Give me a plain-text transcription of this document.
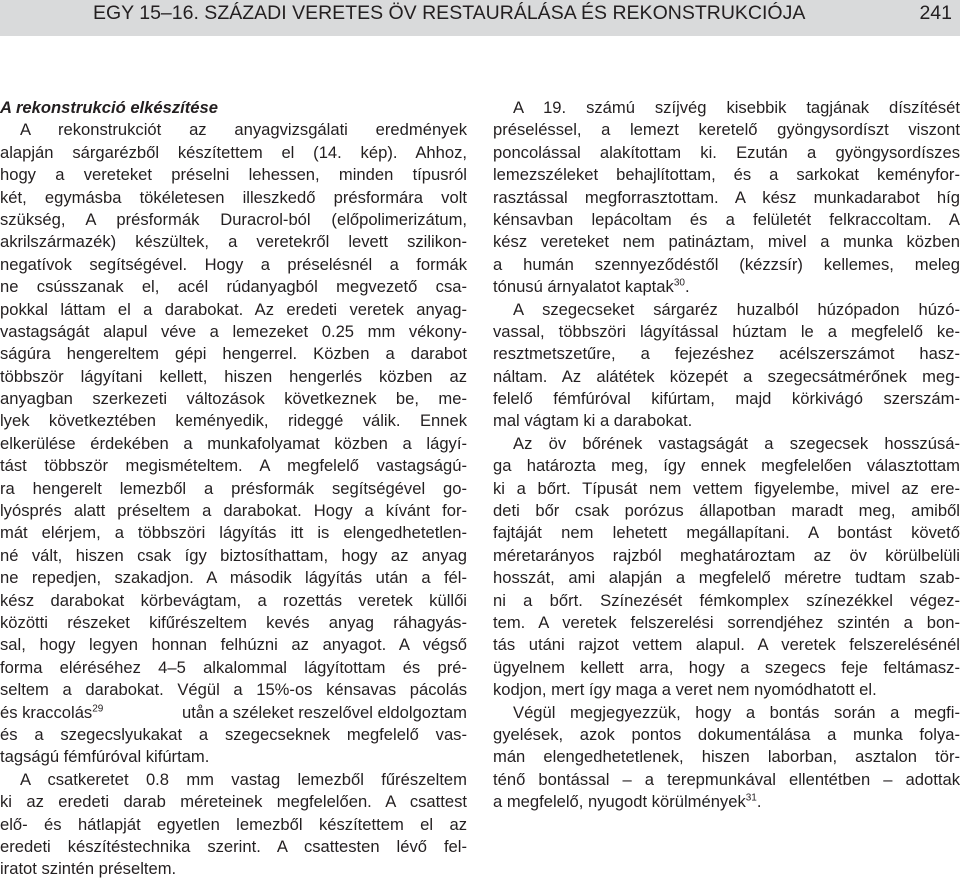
EGY 15–16. SZÁZADI VERETES ÖV RESTAURÁLÁSA ÉS REKONSTRUKCIÓJA	241
A rekonstrukció elkészítése
A rekonstrukciót az anyagvizsgálati eredmények
alapján sárgarézből készítettem el (14. kép). Ahhoz,
hogy a vereteket préselni lehessen, minden típusról
két, egymásba tökéletesen illeszkedő présformára volt
szükség, A présformák Duracrol-ból (előpolimerizátum,
akrilszármazék) készültek, a veretekről levett szilikon-
negatívok segítségével. Hogy a préselésnél a formák
ne csússzanak el, acél rúdanyagból megvezető csa-
pokkal láttam el a darabokat. Az eredeti veretek anyag-
vastagságát alapul véve a lemezeket 0.25 mm vékony-
ságúra hengereltem gépi hengerrel. Közben a darabot
többször lágyítani kellett, hiszen hengerlés közben az
anyagban szerkezeti változások következnek be, me-
lyek következtében keményedik, rideggé válik. Ennek
elkerülése érdekében a munkafolyamat közben a lágyí-
tást többször megismételtem. A megfelelő vastagságú-
ra hengerelt lemezből a présformák segítségével go-
lyósprés alatt préseltem a darabokat. Hogy a kívánt for-
mát elérjem, a többszöri lágyítás itt is elengedhetetlen-
né vált, hiszen csak így biztosíthattam, hogy az anyag
ne repedjen, szakadjon. A második lágyítás után a fél-
kész darabokat körbevágtam, a rozettás veretek küllői
közötti részeket kifűrészeltem kevés anyag ráhagyás-
sal, hogy legyen honnan felhúzni az anyagot. A végső
forma eléréséhez 4–5 alkalommal lágyítottam és pré-
seltem a darabokat. Végül a 15%-os kénsavas pácolás
és kraccolás$^{29}$	utån a széleket reszelővel eldolgoztam
és a szegecslyukakat a szegecseknek megfelelő vas-
tagságú fémfúróval kifúrtam.
A csatkeretet 0.8 mm vastag lemezből fűrészeltem
ki az eredeti darab méreteinek megfelelően. A csattest
elő- és hátlapját egyetlen lemezből készítettem el az
eredeti készítéstechnika szerint. A csattesten lévő fel-
iratot szintén préseltem.
A 19. számú szíjvég kisebbik tagjának díszítését
préseléssel, a lemezt keretelő gyöngysordíszt viszont
poncolással alakítottam ki. Ezután a gyöngysordíszes
lemezszéleket behajlítottam, és a sarkokat keményfor-
rasztással megforrasztottam. A kész munkadarabot híg
kénsavban lepácoltam és a felületét felkraccoltam. A
kész vereteket nem patináztam, mivel a munka közben
a humán szennyeződéstől (kézzsír) kellemes, meleg
tónusú árnyalatot kaptak$^{30}$.
A szegecseket sárgaréz huzalból húzópadon húzó-
vassal, többszöri lágyítással húztam le a megfelelő ke-
resztmetszetűre, a fejezéshez acélszerszámot hasz-
náltam. Az alátétek közepét a szegecsátmérőnek meg-
felelő fémfúróval kifúrtam, majd körkivágó szerszám-
mal vágtam ki a darabokat.
Az öv bőrének vastagságát a szegecsek hosszúsá-
ga határozta meg, így ennek megfelelően választottam
ki a bőrt. Típusát nem vettem figyelembe, mivel az ere-
deti bőr csak porózus állapotban maradt meg, amiből
fajtáját nem lehetett megállapítani. A bontást követő
méretarányos rajzból meghatároztam az öv körülbelüli
hosszát, ami alapján a megfelelő méretre tudtam szab-
ni a bőrt. Színezését fémkomplex színezékkel végez-
tem. A veretek felszerelési sorrendjéhez szintén a bon-
tás utáni rajzot vettem alapul. A veretek felszerelésénél
ügyelnem kellett arra, hogy a szegecs feje feltámasz-
kodjon, mert így maga a veret nem nyomódhatott el.
Végül megjegyezzük, hogy a bontás során a megfi-
gyelések, azok pontos dokumentálása a munka folya-
mán elengedhetetlenek, hiszen laborban, asztalon tör-
ténő bontással – a terepmunkával ellentétben – adottak
a megfelelő, nyugodt körülmények$^{31}$.
